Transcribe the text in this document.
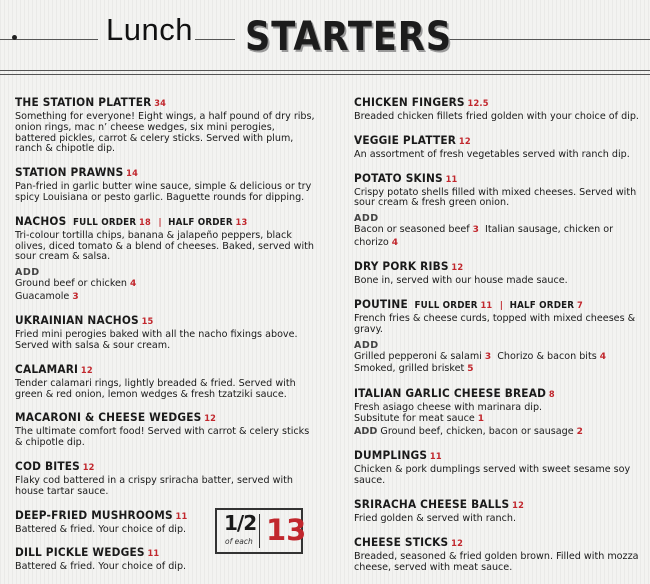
Lunch STARTERS
THE STATION PLATTER 34
Something for everyone! Eight wings, a half pound of dry ribs, onion rings, mac n’ cheese wedges, six mini perogies, battered pickles, carrot & celery sticks. Served with plum, ranch & chipotle dip.
STATION PRAWNS 14
Pan-fried in garlic butter wine sauce, simple & delicious or try spicy Louisiana or pesto garlic. Baguette rounds for dipping.
NACHOS FULL ORDER 18 | HALF ORDER 13
Tri-colour tortilla chips, banana & jalapeño peppers, black olives, diced tomato & a blend of cheeses. Baked, served with sour cream & salsa.
ADD
Ground beef or chicken 4
Guacamole 3
UKRAINIAN NACHOS 15
Fried mini perogies baked with all the nacho fixings above. Served with salsa & sour cream.
CALAMARI 12
Tender calamari rings, lightly breaded & fried. Served with green & red onion, lemon wedges & fresh tzatziki sauce.
MACARONI & CHEESE WEDGES 12
The ultimate comfort food! Served with carrot & celery sticks & chipotle dip.
COD BITES 12
Flaky cod battered in a crispy sriracha batter, served with house tartar sauce.
DEEP-FRIED MUSHROOMS 11
Battered & fried. Your choice of dip.
DILL PICKLE WEDGES 11
Battered & fried. Your choice of dip.
1/2
of each 13
CHICKEN FINGERS 12.5
Breaded chicken fillets fried golden with your choice of dip.
VEGGIE PLATTER 12
An assortment of fresh vegetables served with ranch dip.
POTATO SKINS 11
Crispy potato shells filled with mixed cheeses. Served with sour cream & fresh green onion.
ADD
Bacon or seasoned beef 3 Italian sausage, chicken or chorizo 4
DRY PORK RIBS 12
Bone in, served with our house made sauce.
POUTINE FULL ORDER 11 | HALF ORDER 7
French fries & cheese curds, topped with mixed cheeses & gravy.
ADD
Grilled pepperoni & salami 3 Chorizo & bacon bits 4
Smoked, grilled brisket 5
ITALIAN GARLIC CHEESE BREAD 8
Fresh asiago cheese with marinara dip.
Subsitute for meat sauce 1
ADD Ground beef, chicken, bacon or sausage 2
DUMPLINGS 11
Chicken & pork dumplings served with sweet sesame soy sauce.
SRIRACHA CHEESE BALLS 12
Fried golden & served with ranch.
CHEESE STICKS 12
Breaded, seasoned & fried golden brown. Filled with mozza cheese, served with meat sauce.
